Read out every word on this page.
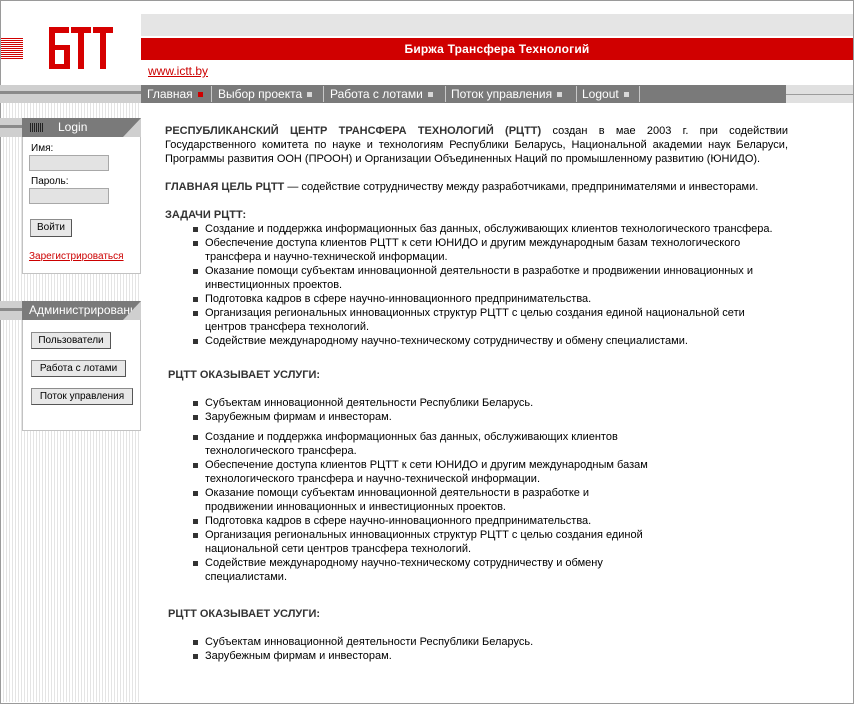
Биржа Трансфера Технологий
www.ictt.by
Главная	Выбор проекта	Работа с лотами	Поток управления	Logout
Login
Имя:
Пароль:
Войти
Зарегистрироваться
Администрирование
Пользователи
Работа с лотами
Поток управления

РЕСПУБЛИКАНСКИЙ ЦЕНТР ТРАНСФЕРА ТЕХНОЛОГИЙ (РЦТТ) создан в мае 2003 г. при содействии Государственного комитета по науке и технологиям Республики Беларусь, Национальной академии наук Беларуси, Программы развития ООН (ПРООН) и Организации Объединенных Наций по промышленному развитию (ЮНИДО).

ГЛАВНАЯ ЦЕЛЬ РЦТТ — содействие сотрудничеству между разработчиками, предпринимателями и инвесторами.

ЗАДАЧИ РЦТТ:
Создание и поддержка информационных баз данных, обслуживающих клиентов технологического трансфера.
Обеспечение доступа клиентов РЦТТ к сети ЮНИДО и другим международным базам технологического трансфера и научно-технической информации.
Оказание помощи субъектам инновационной деятельности в разработке и продвижении инновационных и инвестиционных проектов.
Подготовка кадров в сфере научно-инновационного предпринимательства.
Организация региональных инновационных структур РЦТТ с целью создания единой национальной сети центров трансфера технологий.
Содействие международному научно-техническому сотрудничеству и обмену специалистами.
РЦТТ ОКАЗЫВАЕТ УСЛУГИ:
Субъектам инновационной деятельности Республики Беларусь.
Зарубежным фирмам и инвесторам.
Создание и поддержка информационных баз данных, обслуживающих клиентов технологического трансфера.
Обеспечение доступа клиентов РЦТТ к сети ЮНИДО и другим международным базам технологического трансфера и научно-технической информации.
Оказание помощи субъектам инновационной деятельности в разработке и продвижении инновационных и инвестиционных проектов.
Подготовка кадров в сфере научно-инновационного предпринимательства.
Организация региональных инновационных структур РЦТТ с целью создания единой национальной сети центров трансфера технологий.
Содействие международному научно-техническому сотрудничеству и обмену специалистами.
РЦТТ ОКАЗЫВАЕТ УСЛУГИ:
Субъектам инновационной деятельности Республики Беларусь.
Зарубежным фирмам и инвесторам.
